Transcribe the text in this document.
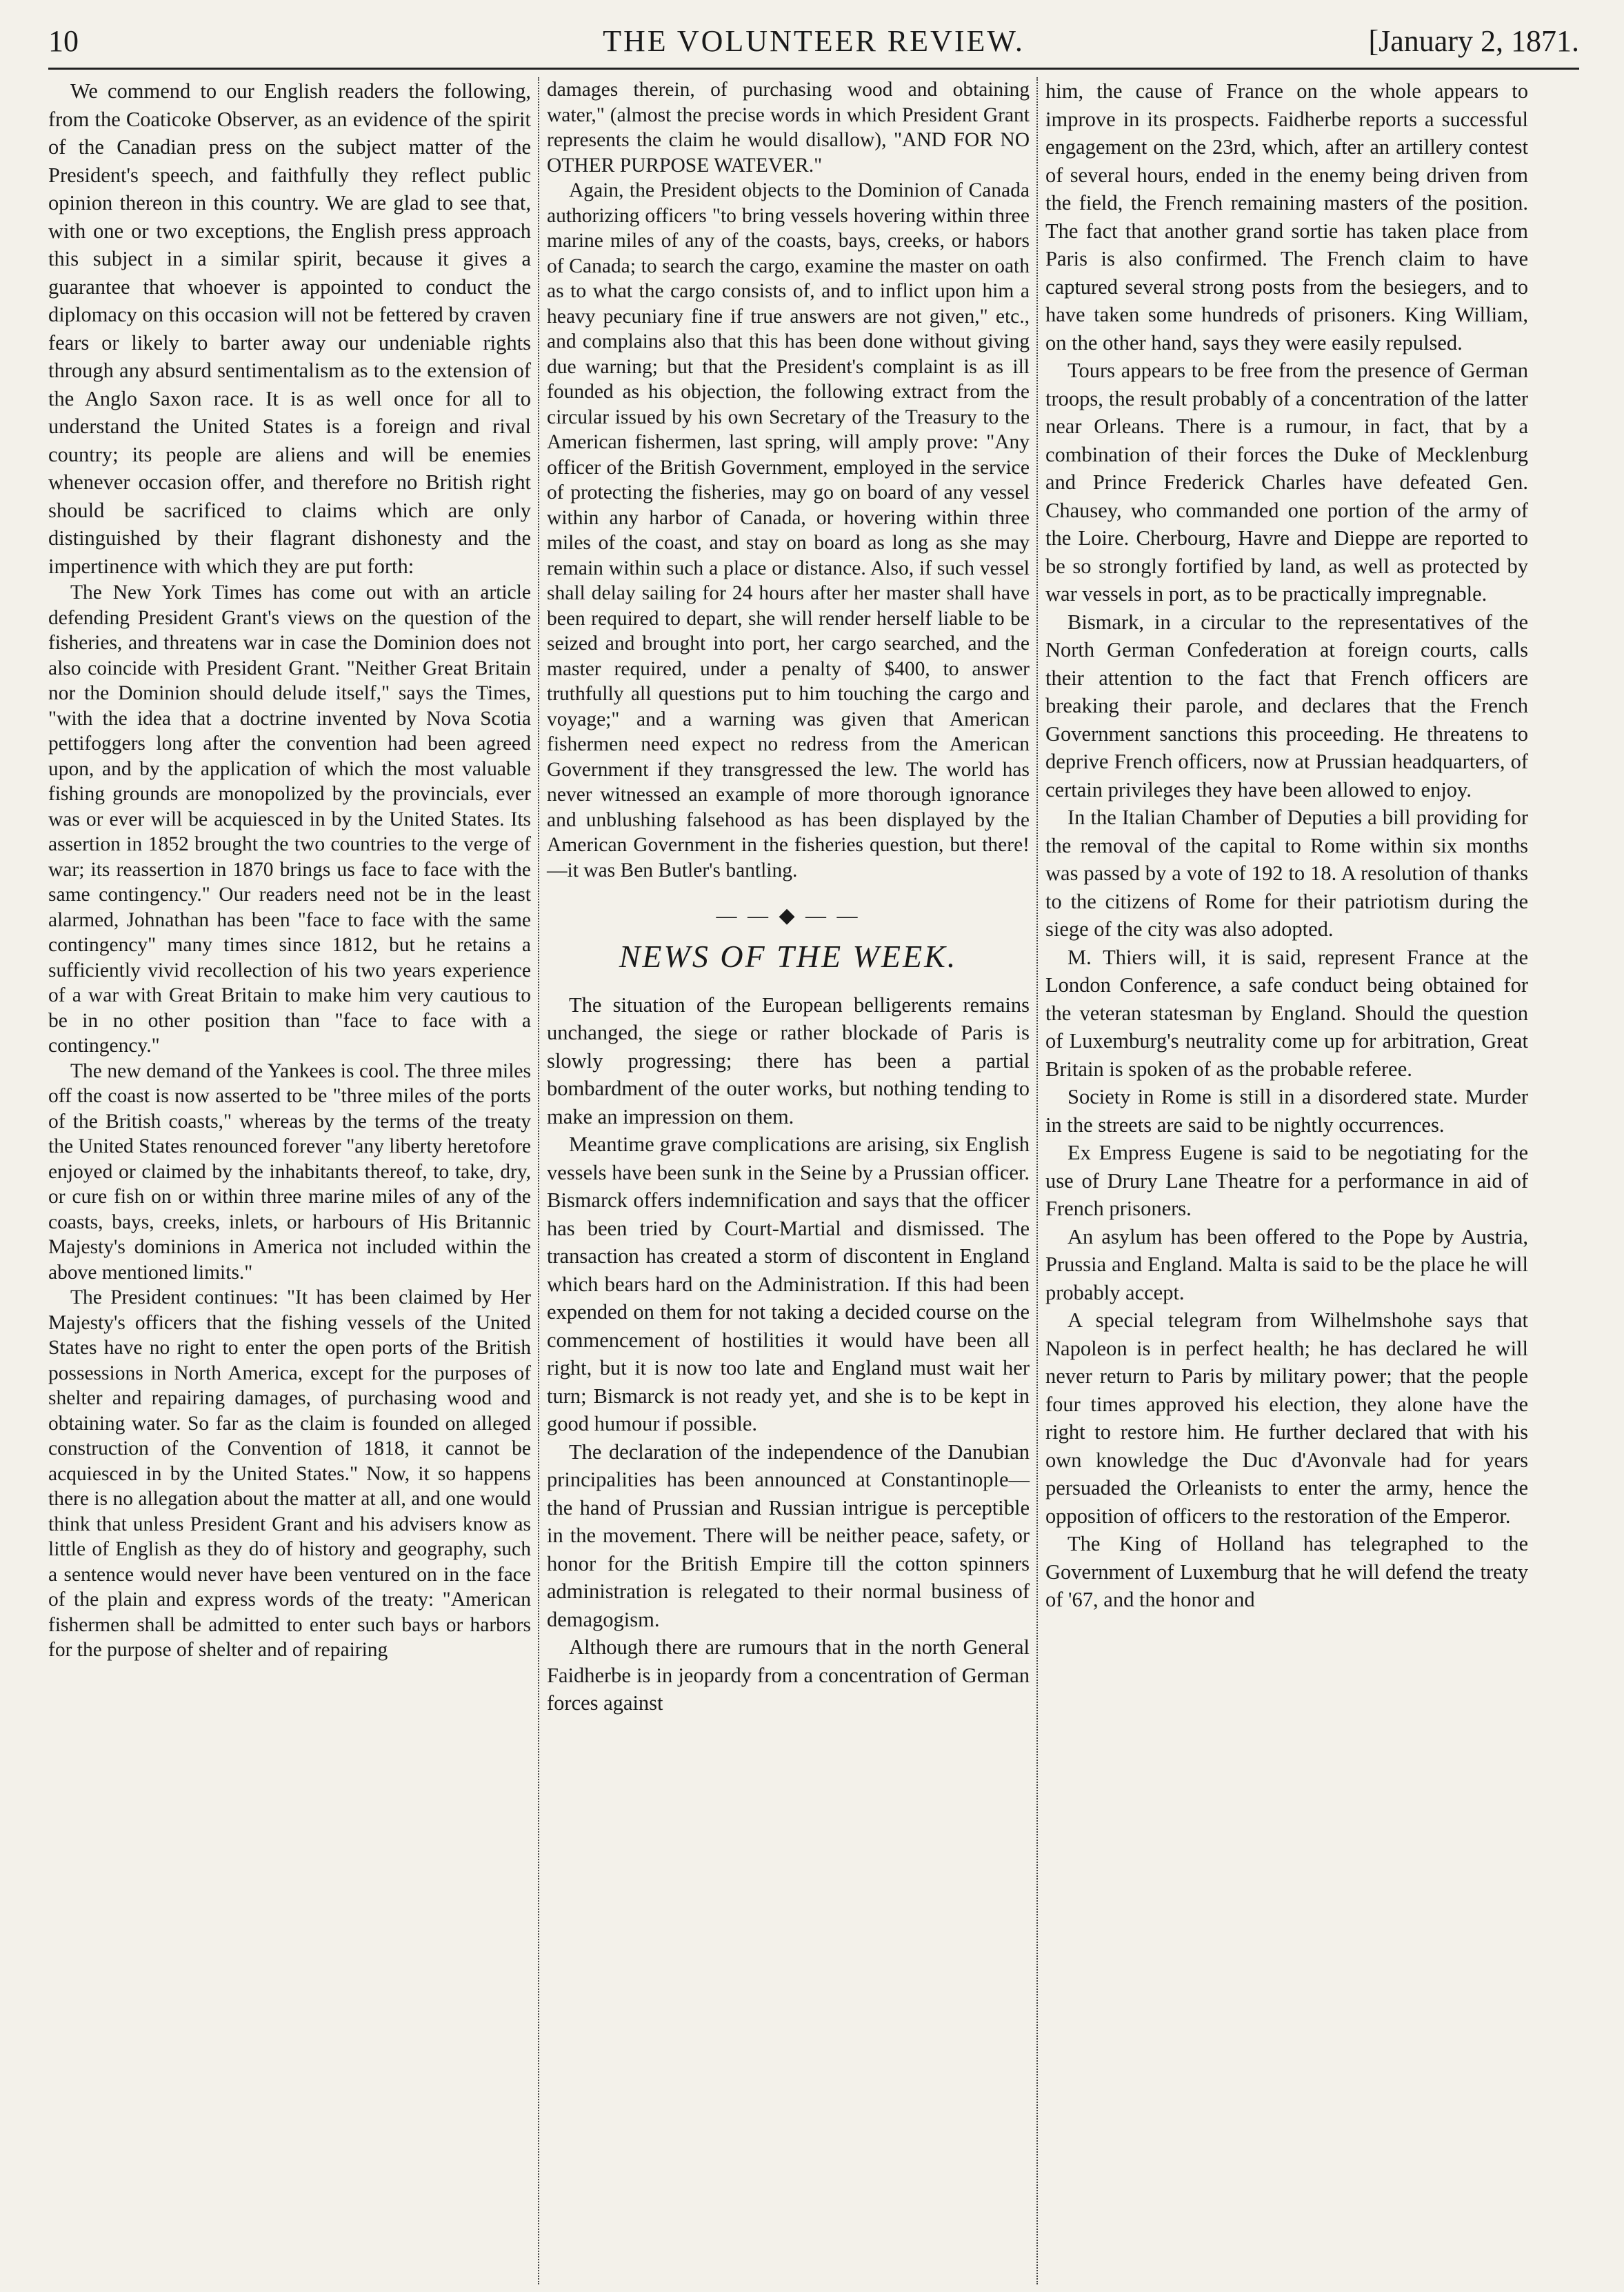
10	THE VOLUNTEER REVIEW.	[January 2, 1871.

We commend to our English readers the following, from the Coaticoke Observer, as an evidence of the spirit of the Canadian press on the subject matter of the President's speech, and faithfully they reflect public opinion thereon in this country. We are glad to see that, with one or two exceptions, the English press approach this subject in a similar spirit, because it gives a guarantee that whoever is appointed to conduct the diplomacy on this occasion will not be fettered by craven fears or likely to barter away our undeniable rights through any absurd sentimentalism as to the extension of the Anglo Saxon race. It is as well once for all to understand the United States is a foreign and rival country; its people are aliens and will be enemies whenever occasion offer, and therefore no British right should be sacrificed to claims which are only distinguished by their flagrant dishonesty and the impertinence with which they are put forth:

The New York Times has come out with an article defending President Grant's views on the question of the fisheries, and threatens war in case the Dominion does not also coincide with President Grant. "Neither Great Britain nor the Dominion should delude itself," says the Times, "with the idea that a doctrine invented by Nova Scotia pettifoggers long after the convention had been agreed upon, and by the application of which the most valuable fishing grounds are monopolized by the provincials, ever was or ever will be acquiesced in by the United States. Its assertion in 1852 brought the two countries to the verge of war; its reassertion in 1870 brings us face to face with the same contingency." Our readers need not be in the least alarmed, Johnathan has been "face to face with the same contingency" many times since 1812, but he retains a sufficiently vivid recollection of his two years experience of a war with Great Britain to make him very cautious to be in no other position than "face to face with a contingency."

The new demand of the Yankees is cool. The three miles off the coast is now asserted to be "three miles of the ports of the British coasts," whereas by the terms of the treaty the United States renounced forever "any liberty heretofore enjoyed or claimed by the inhabitants thereof, to take, dry, or cure fish on or within three marine miles of any of the coasts, bays, creeks, inlets, or harbours of His Britannic Majesty's dominions in America not included within the above mentioned limits."

The President continues: "It has been claimed by Her Majesty's officers that the fishing vessels of the United States have no right to enter the open ports of the British possessions in North America, except for the purposes of shelter and repairing damages, of purchasing wood and obtaining water. So far as the claim is founded on alleged construction of the Convention of 1818, it cannot be acquiesced in by the United States." Now, it so happens there is no allegation about the matter at all, and one would think that unless President Grant and his advisers know as little of English as they do of history and geography, such a sentence would never have been ventured on in the face of the plain and express words of the treaty: "American fishermen shall be admitted to enter such bays or harbors for the purpose of shelter and of repairing

damages therein, of purchasing wood and obtaining water," (almost the precise words in which President Grant represents the claim he would disallow), "AND FOR NO OTHER PURPOSE WATEVER."

Again, the President objects to the Dominion of Canada authorizing officers "to bring vessels hovering within three marine miles of any of the coasts, bays, creeks, or habors of Canada; to search the cargo, examine the master on oath as to what the cargo consists of, and to inflict upon him a heavy pecuniary fine if true answers are not given," etc., and complains also that this has been done without giving due warning; but that the President's complaint is as ill founded as his objection, the following extract from the circular issued by his own Secretary of the Treasury to the American fishermen, last spring, will amply prove: "Any officer of the British Government, employed in the service of protecting the fisheries, may go on board of any vessel within any harbor of Canada, or hovering within three miles of the coast, and stay on board as long as she may remain within such a place or distance. Also, if such vessel shall delay sailing for 24 hours after her master shall have been required to depart, she will render herself liable to be seized and brought into port, her cargo searched, and the master required, under a penalty of $400, to answer truthfully all questions put to him touching the cargo and voyage;" and a warning was given that American fishermen need expect no redress from the American Government if they transgressed the lew. The world has never witnessed an example of more thorough ignorance and unblushing falsehood as has been displayed by the American Government in the fisheries question, but there!—it was Ben Butler's bantling.

— — ◆ — —
NEWS OF THE WEEK.

The situation of the European belligerents remains unchanged, the siege or rather blockade of Paris is slowly progressing; there has been a partial bombardment of the outer works, but nothing tending to make an impression on them.

Meantime grave complications are arising, six English vessels have been sunk in the Seine by a Prussian officer. Bismarck offers indemnification and says that the officer has been tried by Court-Martial and dismissed. The transaction has created a storm of discontent in England which bears hard on the Administration. If this had been expended on them for not taking a decided course on the commencement of hostilities it would have been all right, but it is now too late and England must wait her turn; Bismarck is not ready yet, and she is to be kept in good humour if possible.

The declaration of the independence of the Danubian principalities has been announced at Constantinople—the hand of Prussian and Russian intrigue is perceptible in the movement. There will be neither peace, safety, or honor for the British Empire till the cotton spinners administration is relegated to their normal business of demagogism.

Although there are rumours that in the north General Faidherbe is in jeopardy from a concentration of German forces against

him, the cause of France on the whole appears to improve in its prospects. Faidherbe reports a successful engagement on the 23rd, which, after an artillery contest of several hours, ended in the enemy being driven from the field, the French remaining masters of the position. The fact that another grand sortie has taken place from Paris is also confirmed. The French claim to have captured several strong posts from the besiegers, and to have taken some hundreds of prisoners. King William, on the other hand, says they were easily repulsed.

Tours appears to be free from the presence of German troops, the result probably of a concentration of the latter near Orleans. There is a rumour, in fact, that by a combination of their forces the Duke of Mecklenburg and Prince Frederick Charles have defeated Gen. Chausey, who commanded one portion of the army of the Loire. Cherbourg, Havre and Dieppe are reported to be so strongly fortified by land, as well as protected by war vessels in port, as to be practically impregnable.

Bismark, in a circular to the representatives of the North German Confederation at foreign courts, calls their attention to the fact that French officers are breaking their parole, and declares that the French Government sanctions this proceeding. He threatens to deprive French officers, now at Prussian headquarters, of certain privileges they have been allowed to enjoy.

In the Italian Chamber of Deputies a bill providing for the removal of the capital to Rome within six months was passed by a vote of 192 to 18. A resolution of thanks to the citizens of Rome for their patriotism during the siege of the city was also adopted.

M. Thiers will, it is said, represent France at the London Conference, a safe conduct being obtained for the veteran statesman by England. Should the question of Luxemburg's neutrality come up for arbitration, Great Britain is spoken of as the probable referee.

Society in Rome is still in a disordered state. Murder in the streets are said to be nightly occurrences.

Ex Empress Eugene is said to be negotiating for the use of Drury Lane Theatre for a performance in aid of French prisoners.

An asylum has been offered to the Pope by Austria, Prussia and England. Malta is said to be the place he will probably accept.

A special telegram from Wilhelmshohe says that Napoleon is in perfect health; he has declared he will never return to Paris by military power; that the people four times approved his election, they alone have the right to restore him. He further declared that with his own knowledge the Duc d'Avonvale had for years persuaded the Orleanists to enter the army, hence the opposition of officers to the restoration of the Emperor.

The King of Holland has telegraphed to the Government of Luxemburg that he will defend the treaty of '67, and the honor and
